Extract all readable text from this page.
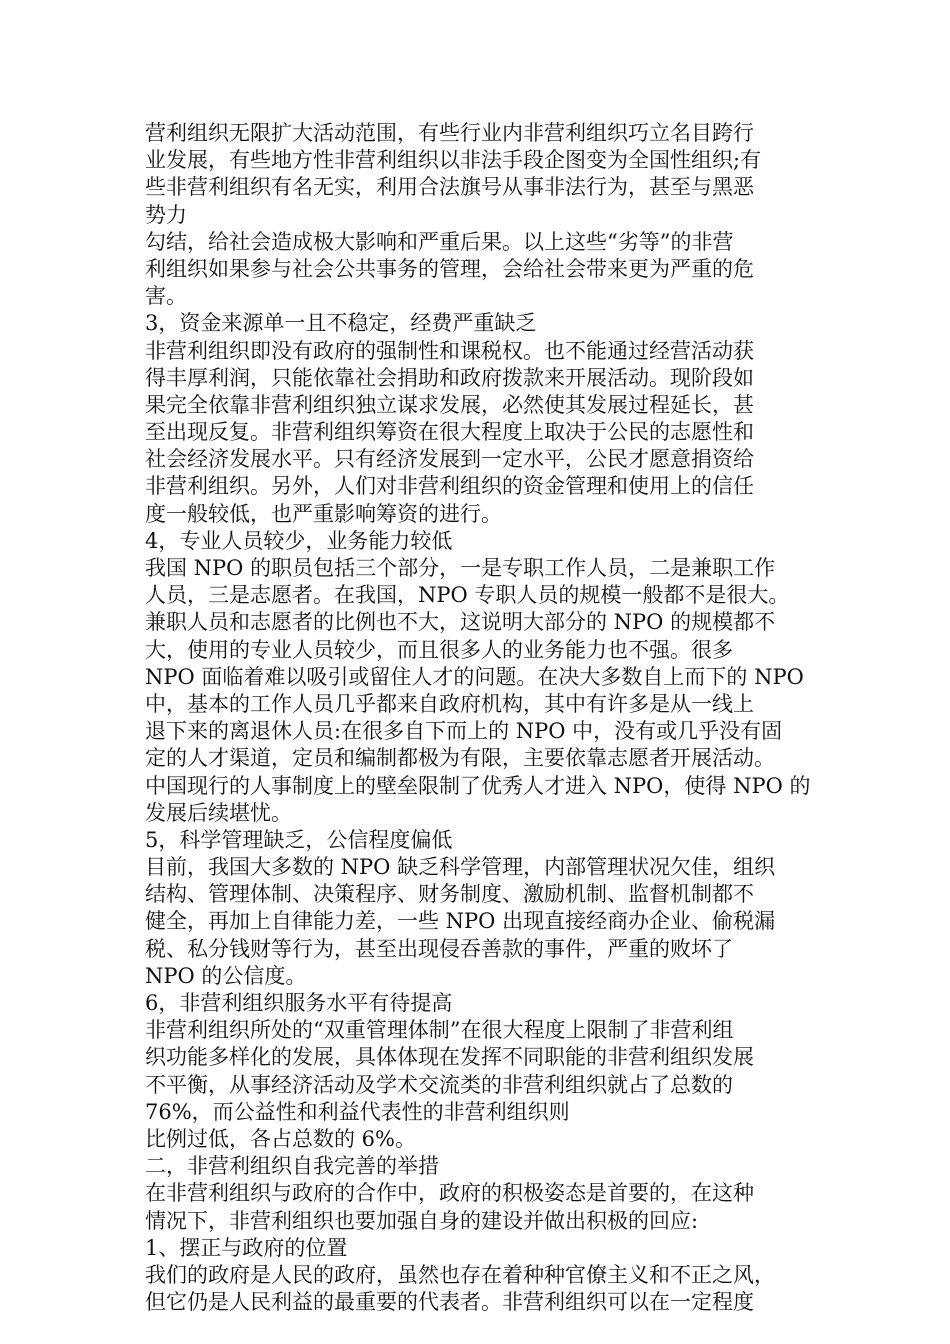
营利组织无限扩大活动范围，有些行业内非营利组织巧立名目跨行
业发展，有些地方性非营利组织以非法手段企图变为全国性组织;有
些非营利组织有名无实，利用合法旗号从事非法行为，甚至与黑恶
势力
勾结，给社会造成极大影响和严重后果。以上这些“劣等”的非营
利组织如果参与社会公共事务的管理，会给社会带来更为严重的危
害。
3，资金来源单一且不稳定，经费严重缺乏
非营利组织即没有政府的强制性和课税权。也不能通过经营活动获
得丰厚利润，只能依靠社会捐助和政府拨款来开展活动。现阶段如
果完全依靠非营利组织独立谋求发展，必然使其发展过程延长，甚
至出现反复。非营利组织筹资在很大程度上取决于公民的志愿性和
社会经济发展水平。只有经济发展到一定水平，公民才愿意捐资给
非营利组织。另外，人们对非营利组织的资金管理和使用上的信任
度一般较低，也严重影响筹资的进行。
4，专业人员较少，业务能力较低
我国 NPO 的职员包括三个部分，一是专职工作人员，二是兼职工作
人员，三是志愿者。在我国，NPO 专职人员的规模一般都不是很大。
兼职人员和志愿者的比例也不大，这说明大部分的 NPO 的规模都不
大，使用的专业人员较少，而且很多人的业务能力也不强。很多
NPO 面临着难以吸引或留住人才的问题。在决大多数自上而下的 NPO
中，基本的工作人员几乎都来自政府机构，其中有许多是从一线上
退下来的离退休人员:在很多自下而上的 NPO 中，没有或几乎没有固
定的人才渠道，定员和编制都极为有限，主要依靠志愿者开展活动。
中国现行的人事制度上的壁垒限制了优秀人才进入 NPO，使得 NPO 的
发展后续堪忧。
5，科学管理缺乏，公信程度偏低
目前，我国大多数的 NPO 缺乏科学管理，内部管理状况欠佳，组织
结构、管理体制、决策程序、财务制度、激励机制、监督机制都不
健全，再加上自律能力差，一些 NPO 出现直接经商办企业、偷税漏
税、私分钱财等行为，甚至出现侵吞善款的事件，严重的败坏了
NPO 的公信度。
6，非营利组织服务水平有待提高
非营利组织所处的“双重管理体制”在很大程度上限制了非营利组
织功能多样化的发展，具体体现在发挥不同职能的非营利组织发展
不平衡，从事经济活动及学术交流类的非营利组织就占了总数的
76%，而公益性和利益代表性的非营利组织则
比例过低，各占总数的 6%。
二，非营利组织自我完善的举措
在非营利组织与政府的合作中，政府的积极姿态是首要的，在这种
情况下，非营利组织也要加强自身的建设并做出积极的回应:
1、摆正与政府的位置
我们的政府是人民的政府，虽然也存在着种种官僚主义和不正之风，
但它仍是人民利益的最重要的代表者。非营利组织可以在一定程度
